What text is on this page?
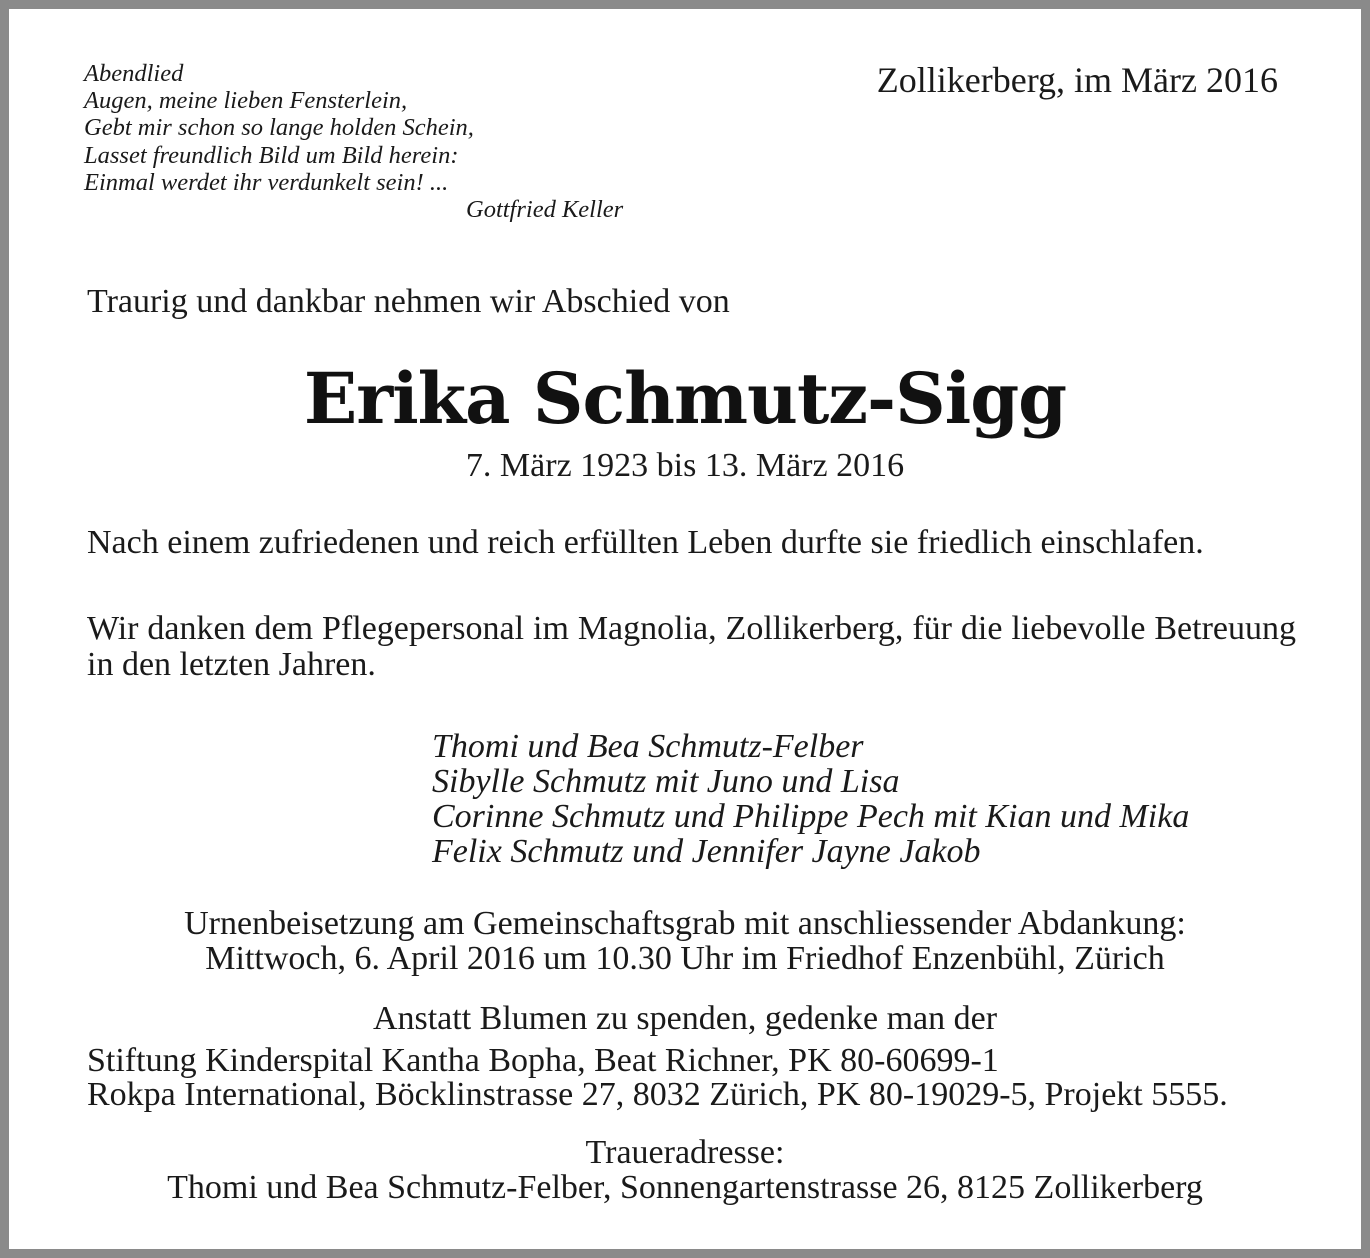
Abendlied
Augen, meine lieben Fensterlein,
Gebt mir schon so lange holden Schein,
Lasset freundlich Bild um Bild herein:
Einmal werdet ihr verdunkelt sein! ...
Gottfried Keller
Zollikerberg, im März 2016
Traurig und dankbar nehmen wir Abschied von
Erika Schmutz-Sigg
7. März 1923 bis 13. März 2016
Nach einem zufriedenen und reich erfüllten Leben durfte sie friedlich einschlafen.
Wir danken dem Pflegepersonal im Magnolia, Zollikerberg, für die liebevolle Betreuung in den letzten Jahren.
Thomi und Bea Schmutz-Felber
Sibylle Schmutz mit Juno und Lisa
Corinne Schmutz und Philippe Pech mit Kian und Mika
Felix Schmutz und Jennifer Jayne Jakob
Urnenbeisetzung am Gemeinschaftsgrab mit anschliessender Abdankung:
Mittwoch, 6. April 2016 um 10.30 Uhr im Friedhof Enzenbühl, Zürich
Anstatt Blumen zu spenden, gedenke man der
Stiftung Kinderspital Kantha Bopha, Beat Richner, PK 80-60699-1
Rokpa International, Böcklinstrasse 27, 8032 Zürich, PK 80-19029-5, Projekt 5555.
Traueradresse:
Thomi und Bea Schmutz-Felber, Sonnengartenstrasse 26, 8125 Zollikerberg
